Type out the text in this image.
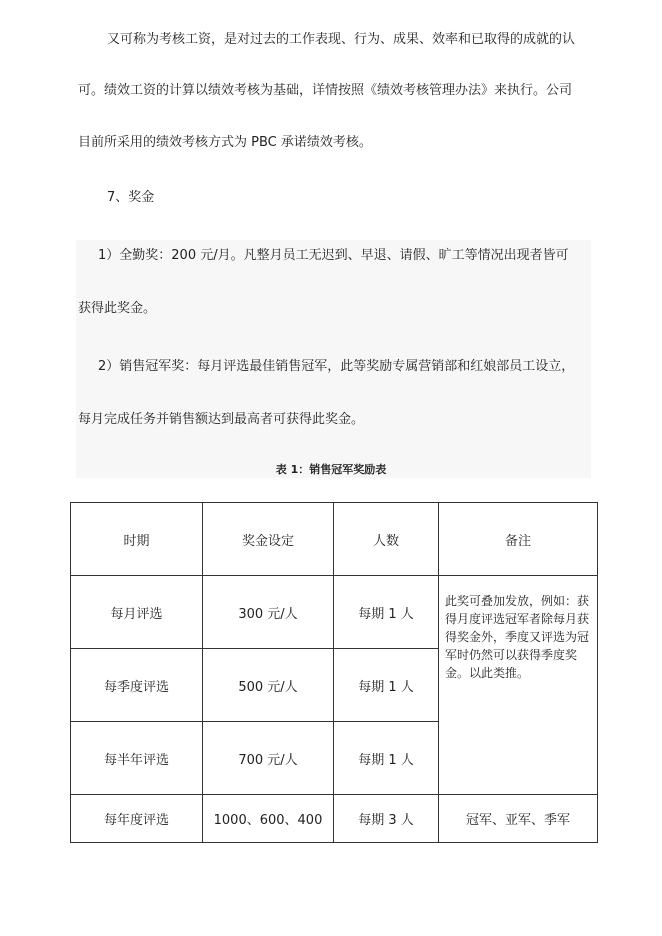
又可称为考核工资，是对过去的工作表现、行为、成果、效率和已取得的成就的认
可。绩效工资的计算以绩效考核为基础，详情按照《绩效考核管理办法》来执行。公司
目前所采用的绩效考核方式为 PBC 承诺绩效考核。
7、奖金
1）全勤奖：200 元/月。凡整月员工无迟到、早退、请假、旷工等情况出现者皆可
获得此奖金。
2）销售冠军奖：每月评选最佳销售冠军，此等奖励专属营销部和红娘部员工设立，
每月完成任务并销售额达到最高者可获得此奖金。
表 1：销售冠军奖励表
时期	奖金设定	人数	备注
每月评选	300 元/人	每期 1 人	此奖可叠加发放，例如：获
得月度评选冠军者除每月获
得奖金外，季度又评选为冠
军时仍然可以获得季度奖
金。以此类推。

每季度评选	500 元/人	每期 1 人	
每半年评选	700 元/人	每期 1 人	
每年度评选	1000、600、400	每期 3 人	冠军、亚军、季军
